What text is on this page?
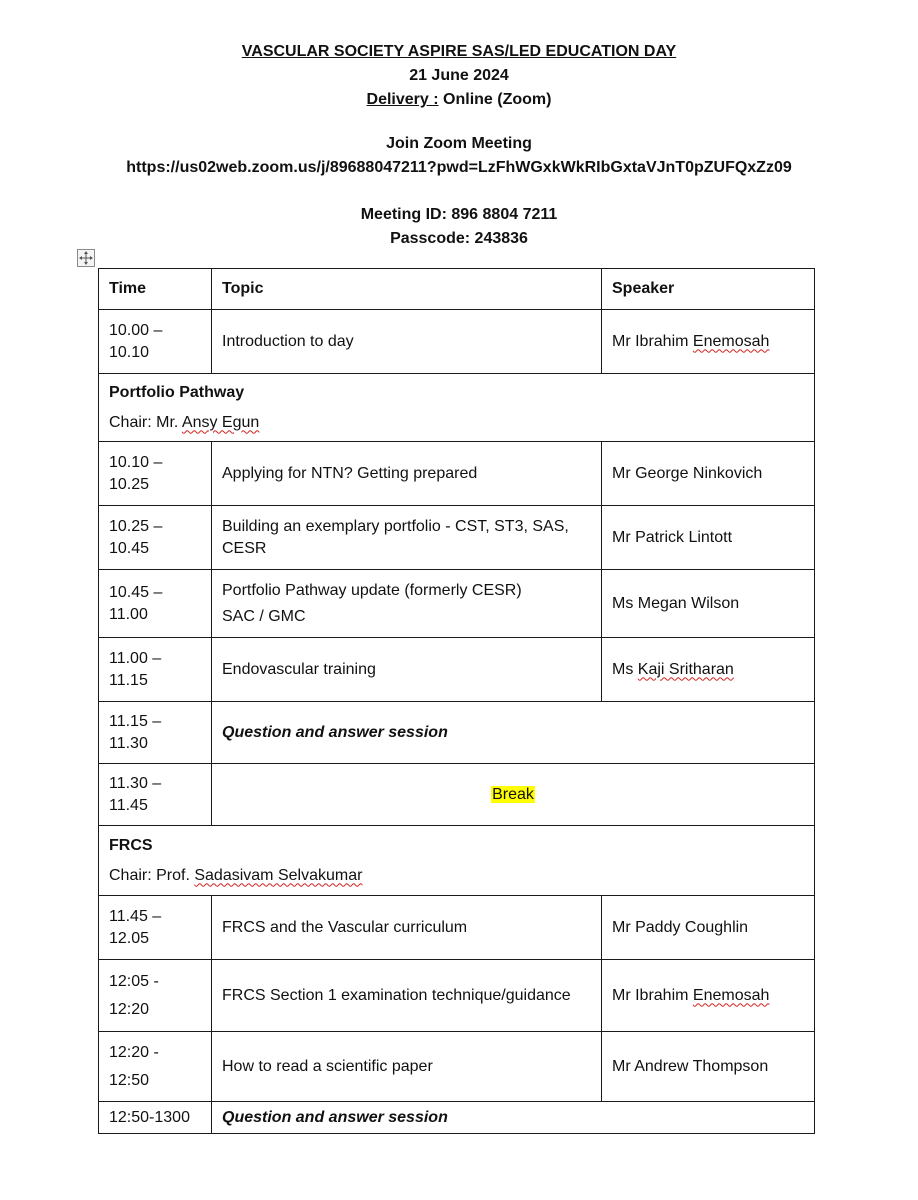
VASCULAR SOCIETY ASPIRE SAS/LED EDUCATION DAY
21 June 2024
Delivery : Online (Zoom)
Join Zoom Meeting
https://us02web.zoom.us/j/89688047211?pwd=LzFhWGxkWkRIbGxtaVJnT0pZUFQxZz09
Meeting ID: 896 8804 7211
Passcode: 243836
Time	Topic	Speaker
10.00 –
10.10	Introduction to day	Mr Ibrahim Enemosah

Portfolio Pathway
Chair: Mr. Ansy Egun		
10.10 –
10.25	Applying for NTN? Getting prepared	Mr George Ninkovich
10.25 –
10.45	Building an exemplary portfolio - CST, ST3, SAS,
CESR	Mr Patrick Lintott
10.45 –
11.00	Portfolio Pathway update (formerly CESR)
SAC / GMC	Ms Megan Wilson
11.00 –
11.15	Endovascular training	Ms Kaji Sritharan
11.15 –
11.30	Question and answer session	
11.30 –
11.45	Break	

FRCS
Chair: Prof. Sadasivam Selvakumar		
11.45 –
12.05	FRCS and the Vascular curriculum	Mr Paddy Coughlin
12:05 -
12:20	FRCS Section 1 examination technique/guidance	Mr Ibrahim Enemosah
12:20 -
12:50	How to read a scientific paper	Mr Andrew Thompson
12:50-1300	Question and answer session	
